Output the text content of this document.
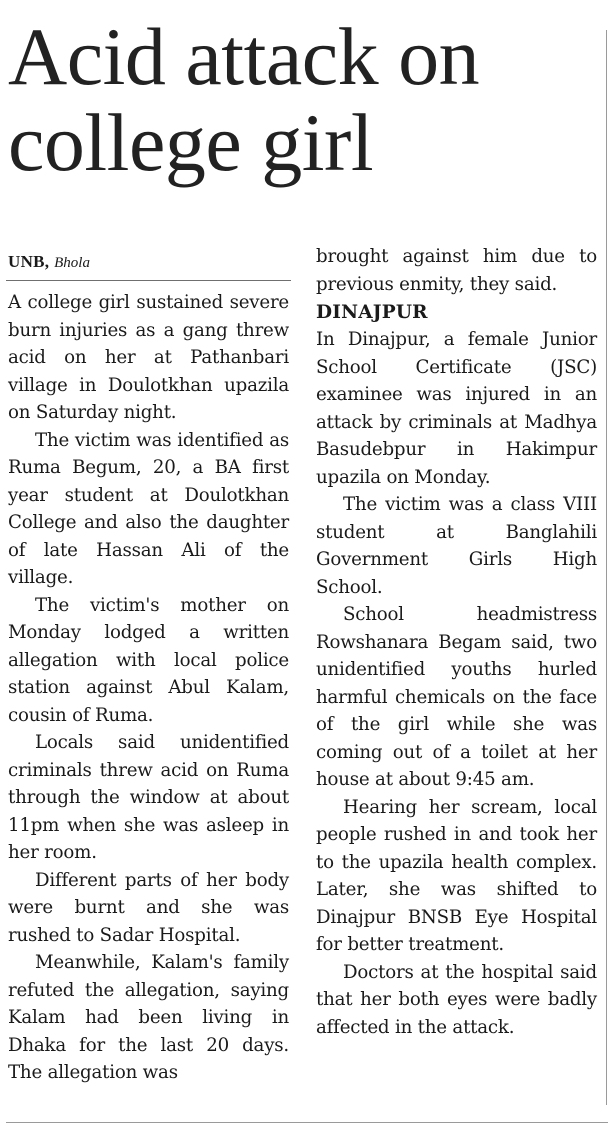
Acid attack on
college girl
UNB, Bhola

A college girl sustained severe burn injuries as a gang threw acid on her at Pathanbari village in Doulotkhan upazila on Saturday night.

The victim was identified as Ruma Begum, 20, a BA first year student at Doulotkhan College and also the daughter of late Hassan Ali of the village.

The victim's mother on Monday lodged a written allegation with local police station against Abul Kalam, cousin of Ruma.

Locals said unidentified criminals threw acid on Ruma through the window at about 11pm when she was asleep in her room.

Different parts of her body were burnt and she was rushed to Sadar Hospital.

Meanwhile, Kalam's family refuted the allegation, saying Kalam had been living in Dhaka for the last 20 days. The allegation was

brought against him due to previous enmity, they said.

DINAJPUR

In Dinajpur, a female Junior School Certificate (JSC) examinee was injured in an attack by criminals at Madhya Basudebpur in Hakimpur upazila on Monday.

The victim was a class VIII student at Banglahili Government Girls High School.

School headmistress Rowshanara Begam said, two unidentified youths hurled harmful chemicals on the face of the girl while she was coming out of a toilet at her house at about 9:45 am.

Hearing her scream, local people rushed in and took her to the upazila health complex. Later, she was shifted to Dinajpur BNSB Eye Hospital for better treatment.

Doctors at the hospital said that her both eyes were badly affected in the attack.
